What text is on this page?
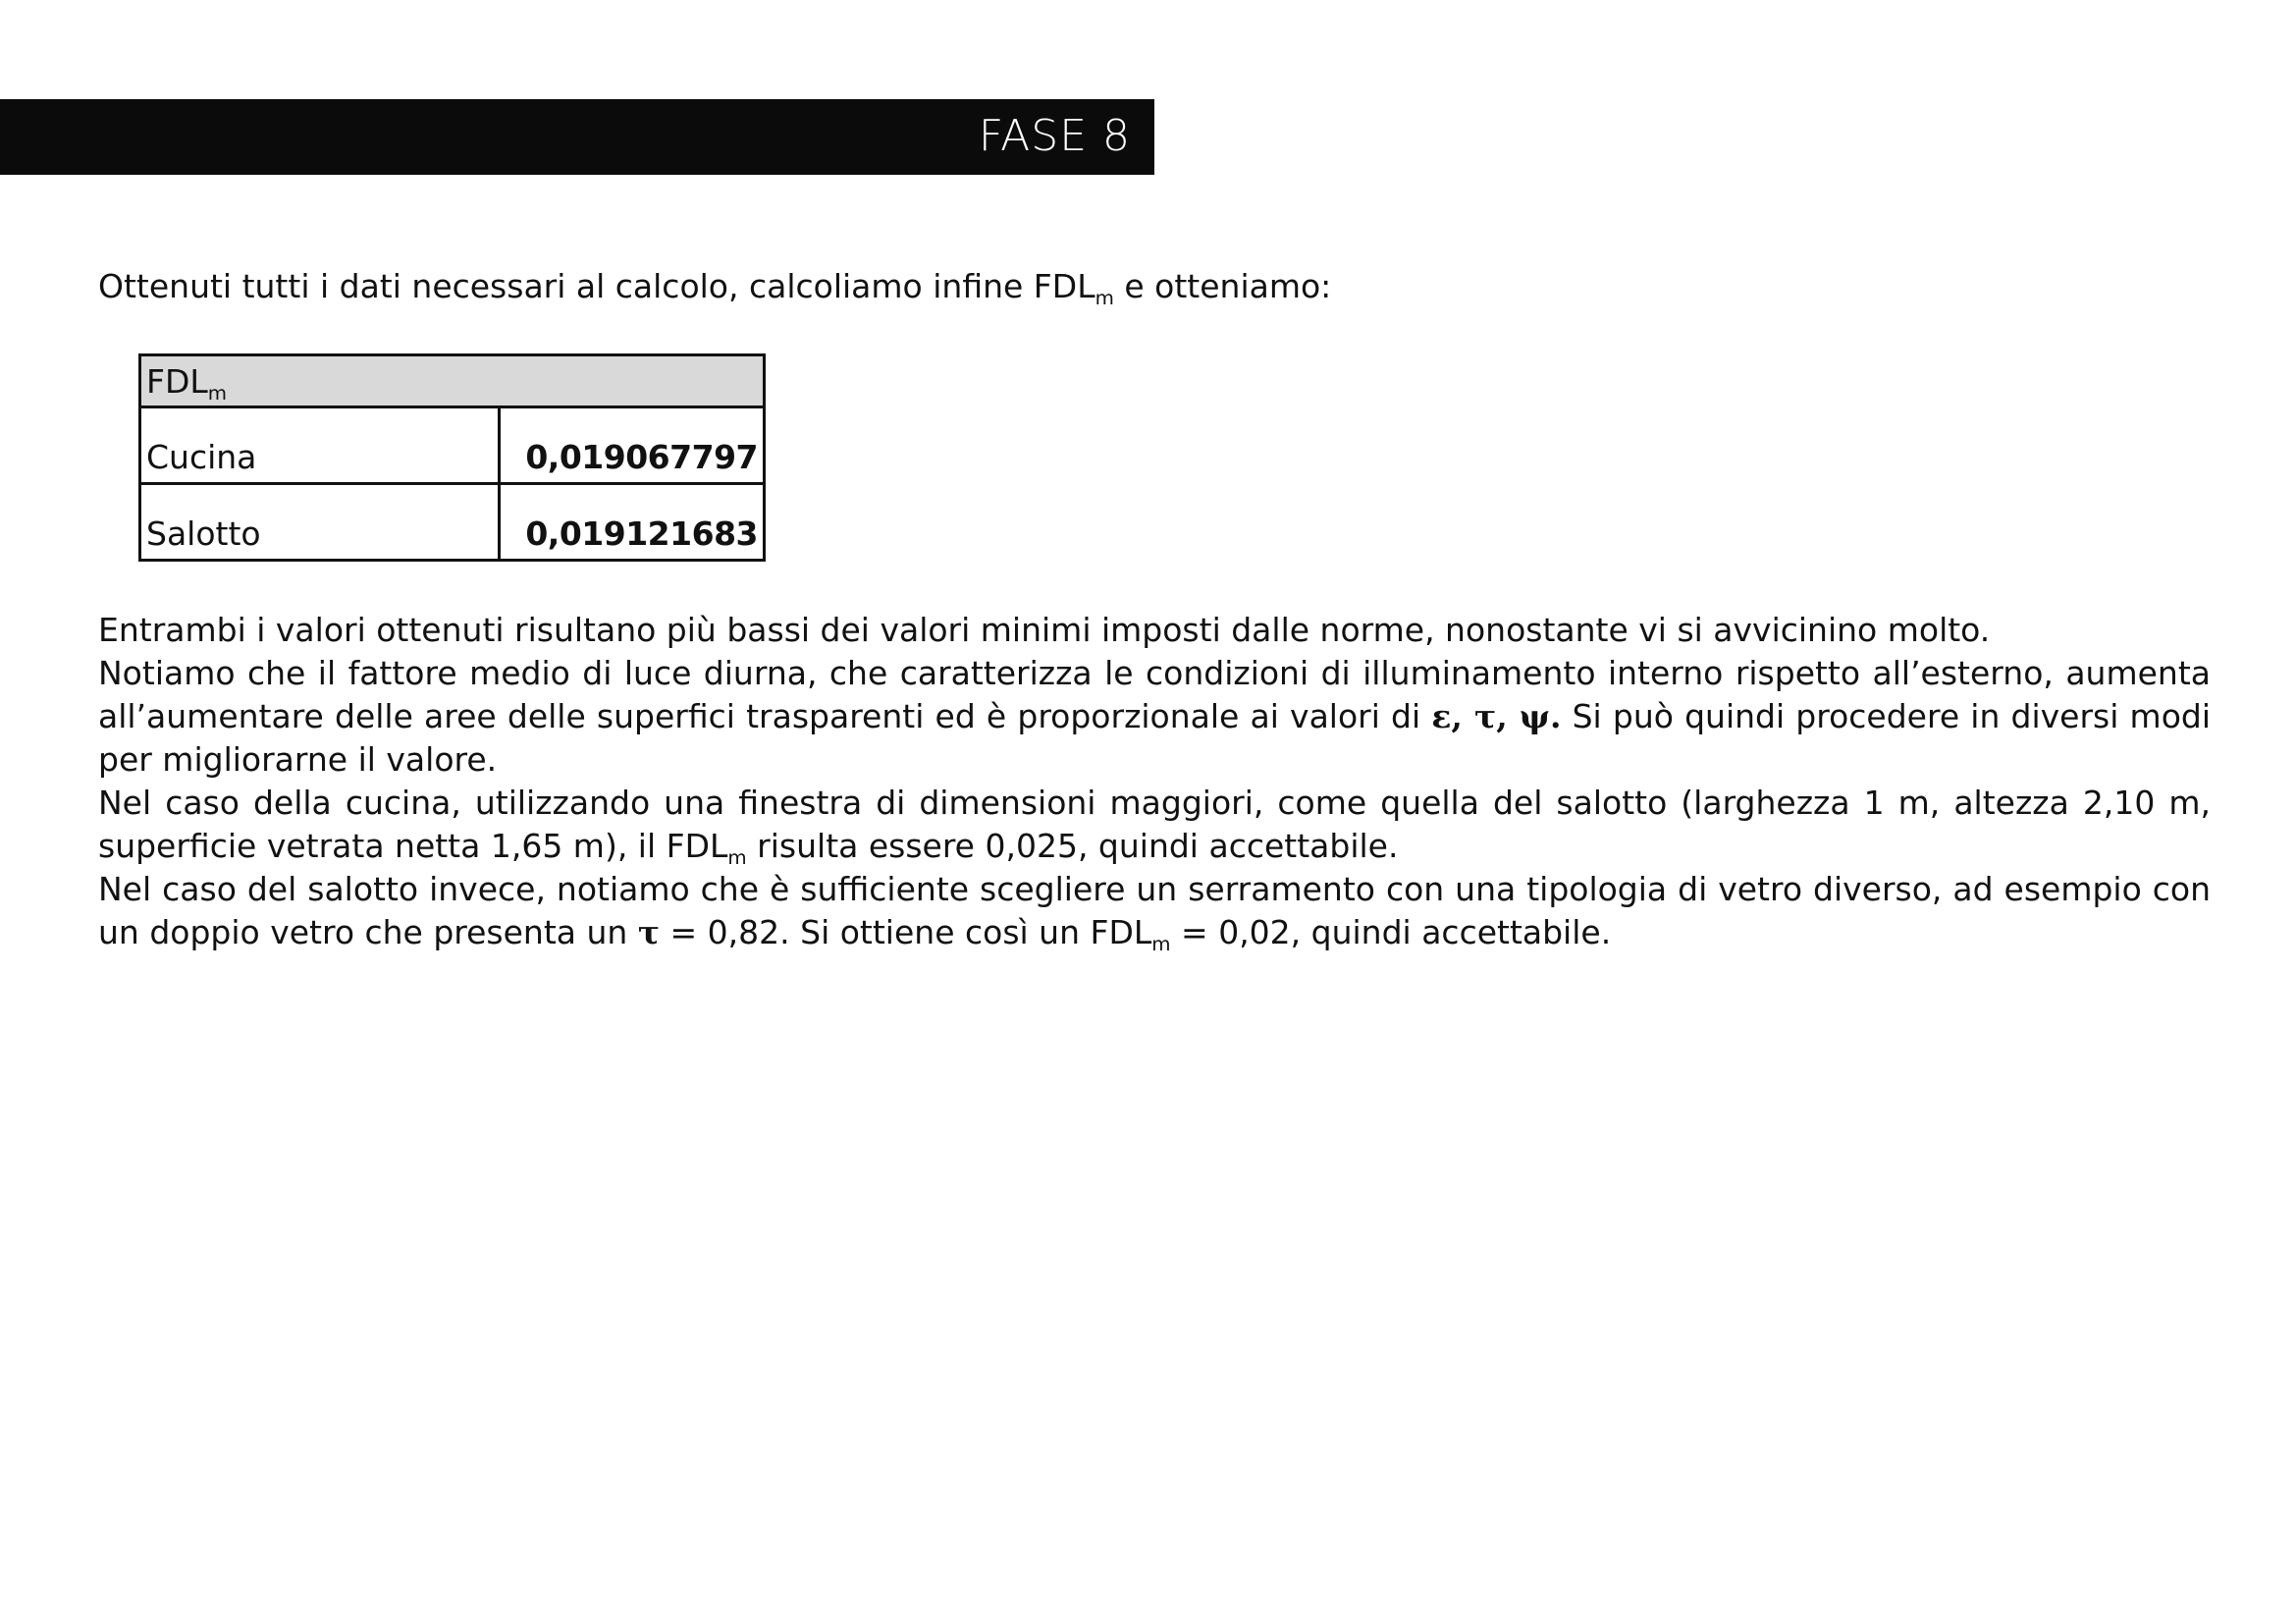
FASE 8
Ottenuti tutti i dati necessari al calcolo, calcoliamo infine $FDL_m$ e otteniamo:
$FDL_m$
Cucina	0,019067797
Salotto	0,019121683

Entrambi i valori ottenuti risultano più bassi dei valori minimi imposti dalle norme, nonostante vi si avvicinino molto.

Notiamo che il fattore medio di luce diurna, che caratterizza le condizioni di illuminamento interno rispetto all’esterno, aumenta all’aumentare delle aree delle superfici trasparenti ed è proporzionale ai valori di ε, τ, ψ. Si può quindi procedere in diversi modi per migliorarne il valore.

Nel caso della cucina, utilizzando una finestra di dimensioni maggiori, come quella del salotto (larghezza 1 m, altezza 2,10 m, superficie vetrata netta 1,65 m), il $FDL_m$ risulta essere 0,025, quindi accettabile.

Nel caso del salotto invece, notiamo che è sufficiente scegliere un serramento con una tipologia di vetro diverso, ad esempio con un doppio vetro che presenta un τ = 0,82. Si ottiene così un $FDL_m = 0,02$, quindi accettabile.
